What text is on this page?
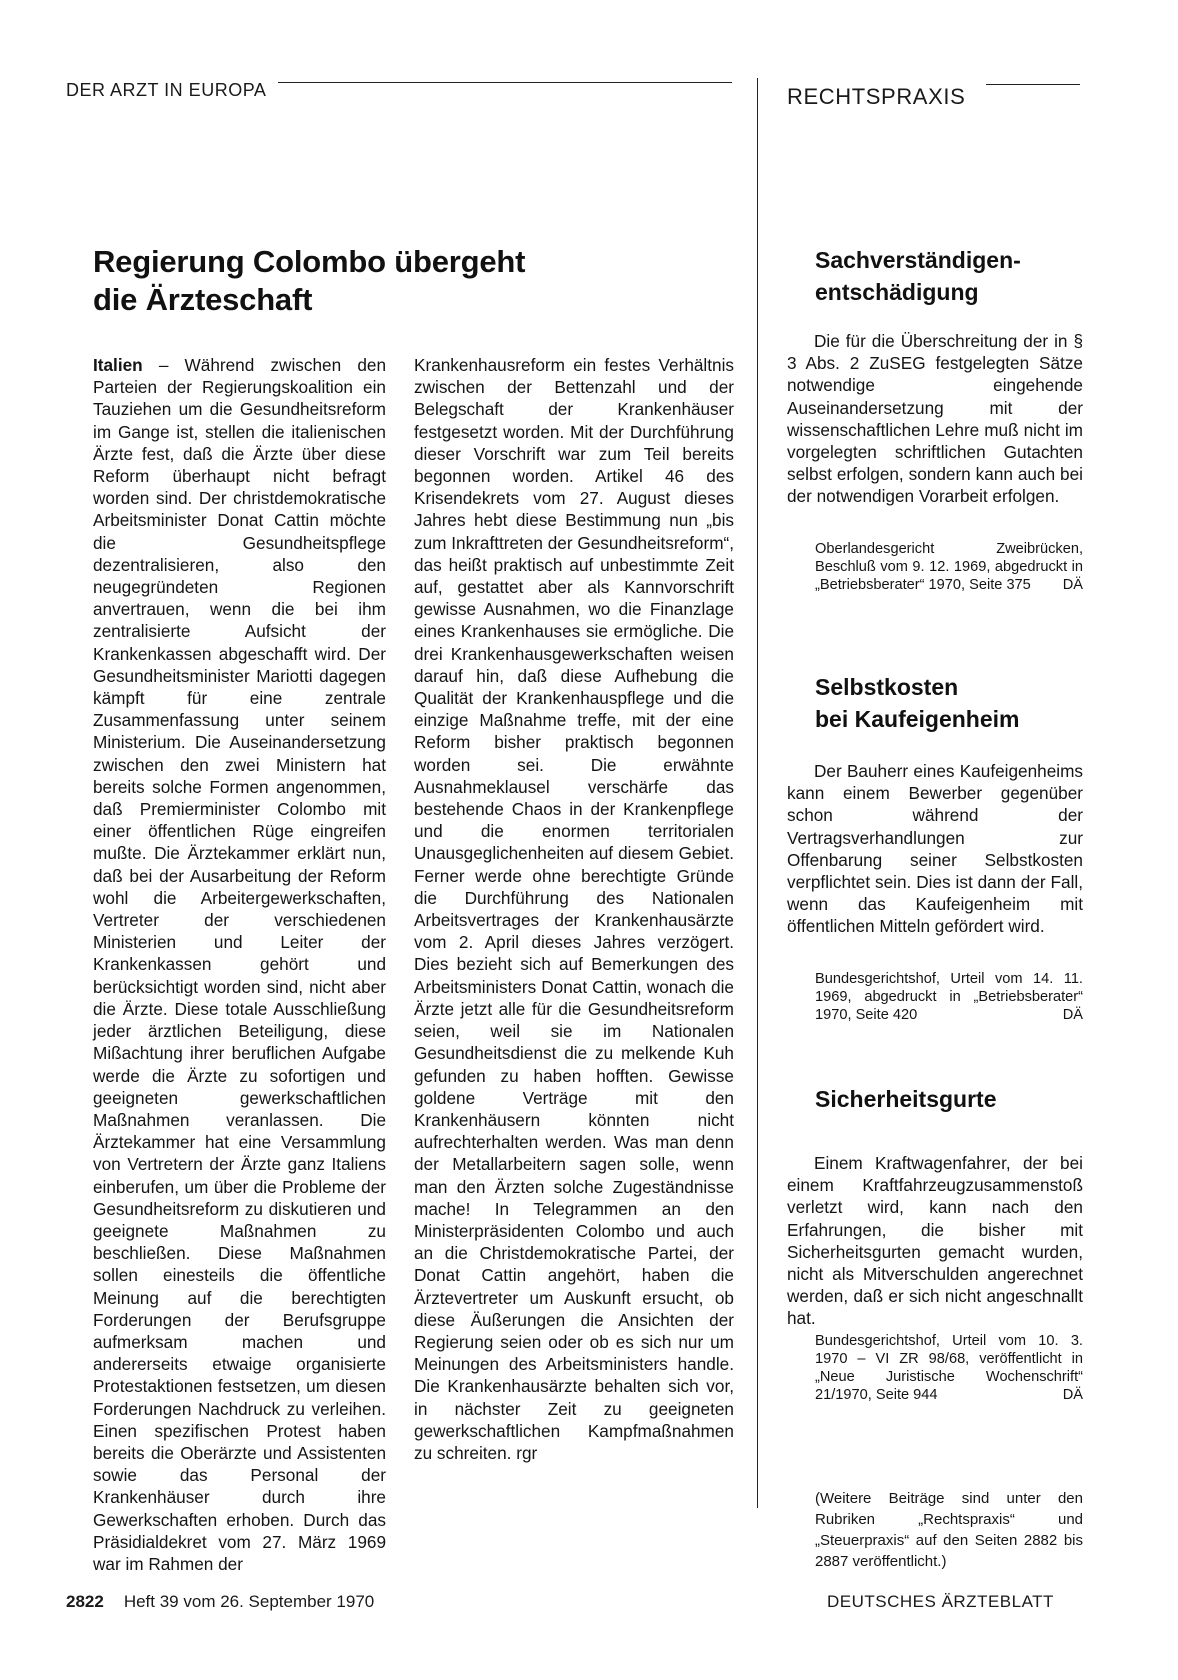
DER ARZT IN EUROPA	RECHTSPRAXIS
Regierung Colombo übergeht
die Ärzteschaft
Italien – Während zwischen den Parteien der Regierungskoalition ein Tauziehen um die Gesundheitsreform im Gange ist, stellen die italienischen Ärzte fest, daß die Ärzte über diese Reform überhaupt nicht befragt worden sind. Der christdemokratische Arbeitsminister Donat Cattin möchte die Gesundheitspflege dezentralisieren, also den neugegründeten Regionen anvertrauen, wenn die bei ihm zentralisierte Aufsicht der Krankenkassen abgeschafft wird. Der Gesundheitsminister Mariotti dagegen kämpft für eine zentrale Zusammenfassung unter seinem Ministerium. Die Auseinandersetzung zwischen den zwei Ministern hat bereits solche Formen angenommen, daß Premierminister Colombo mit einer öffentlichen Rüge eingreifen mußte. Die Ärztekammer erklärt nun, daß bei der Ausarbeitung der Reform wohl die Arbeitergewerkschaften, Vertreter der verschiedenen Ministerien und Leiter der Krankenkassen gehört und berücksichtigt worden sind, nicht aber die Ärzte. Diese totale Ausschließung jeder ärztlichen Beteiligung, diese Mißachtung ihrer beruflichen Aufgabe werde die Ärzte zu sofortigen und geeigneten gewerkschaftlichen Maßnahmen veranlassen. Die Ärztekammer hat eine Versammlung von Vertretern der Ärzte ganz Italiens einberufen, um über die Probleme der Gesundheitsreform zu diskutieren und geeignete Maßnahmen zu beschließen. Diese Maßnahmen sollen einesteils die öffentliche Meinung auf die berechtigten Forderungen der Berufsgruppe aufmerksam machen und andererseits etwaige organisierte Protestaktionen festsetzen, um diesen Forderungen Nachdruck zu verleihen. Einen spezifischen Protest haben bereits die Oberärzte und Assistenten sowie das Personal der Krankenhäuser durch ihre Gewerkschaften erhoben. Durch das Präsidialdekret vom 27. März 1969 war im Rahmen der
Krankenhausreform ein festes Verhältnis zwischen der Bettenzahl und der Belegschaft der Krankenhäuser festgesetzt worden. Mit der Durchführung dieser Vorschrift war zum Teil bereits begonnen worden. Artikel 46 des Krisendekrets vom 27. August dieses Jahres hebt diese Bestimmung nun „bis zum Inkrafttreten der Gesundheitsreform“, das heißt praktisch auf unbestimmte Zeit auf, gestattet aber als Kannvorschrift gewisse Ausnahmen, wo die Finanzlage eines Krankenhauses sie ermögliche. Die drei Krankenhausgewerkschaften weisen darauf hin, daß diese Aufhebung die Qualität der Krankenhauspflege und die einzige Maßnahme treffe, mit der eine Reform bisher praktisch begonnen worden sei. Die erwähnte Ausnahmeklausel verschärfe das bestehende Chaos in der Krankenpflege und die enormen territorialen Unausgeglichenheiten auf diesem Gebiet. Ferner werde ohne berechtigte Gründe die Durchführung des Nationalen Arbeitsvertrages der Krankenhausärzte vom 2. April dieses Jahres verzögert. Dies bezieht sich auf Bemerkungen des Arbeitsministers Donat Cattin, wonach die Ärzte jetzt alle für die Gesundheitsreform seien, weil sie im Nationalen Gesundheitsdienst die zu melkende Kuh gefunden zu haben hofften. Gewisse goldene Verträge mit den Krankenhäusern könnten nicht aufrechterhalten werden. Was man denn der Metallarbeitern sagen solle, wenn man den Ärzten solche Zugeständnisse mache! In Telegrammen an den Ministerpräsidenten Colombo und auch an die Christdemokratische Partei, der Donat Cattin angehört, haben die Ärztevertreter um Auskunft ersucht, ob diese Äußerungen die Ansichten der Regierung seien oder ob es sich nur um Meinungen des Arbeitsministers handle. Die Krankenhausärzte behalten sich vor, in nächster Zeit zu geeigneten gewerkschaftlichen Kampfmaßnahmen zu schreiten. rgr
Sachverständigen-
entschädigung
Die für die Überschreitung der in § 3 Abs. 2 ZuSEG festgelegten Sätze notwendige eingehende Auseinandersetzung mit der wissenschaftlichen Lehre muß nicht im vorgelegten schriftlichen Gutachten selbst erfolgen, sondern kann auch bei der notwendigen Vorarbeit erfolgen.
Oberlandesgericht Zweibrücken, Beschluß vom 9. 12. 1969, abgedruckt in „Betriebsberater“ 1970, Seite 375 DÄ
Selbstkosten
bei Kaufeigenheim
Der Bauherr eines Kaufeigenheims kann einem Bewerber gegenüber schon während der Vertragsverhandlungen zur Offenbarung seiner Selbstkosten verpflichtet sein. Dies ist dann der Fall, wenn das Kaufeigenheim mit öffentlichen Mitteln gefördert wird.
Bundesgerichtshof, Urteil vom 14. 11. 1969, abgedruckt in „Betriebsberater“ 1970, Seite 420	DÄ
Sicherheitsgurte
Einem Kraftwagenfahrer, der bei einem Kraftfahrzeugzusammenstoß verletzt wird, kann nach den Erfahrungen, die bisher mit Sicherheitsgurten gemacht wurden, nicht als Mitverschulden angerechnet werden, daß er sich nicht angeschnallt hat.
Bundesgerichtshof, Urteil vom 10. 3. 1970 – VI ZR 98/68, veröffentlicht in „Neue Juristische Wochenschrift“ 21/1970, Seite 944	DÄ
(Weitere Beiträge sind unter den Rubriken „Rechtspraxis“ und „Steuerpraxis“ auf den Seiten 2882 bis 2887 veröffentlicht.)
2822 Heft 39 vom 26. September 1970	DEUTSCHES ÄRZTEBLATT
